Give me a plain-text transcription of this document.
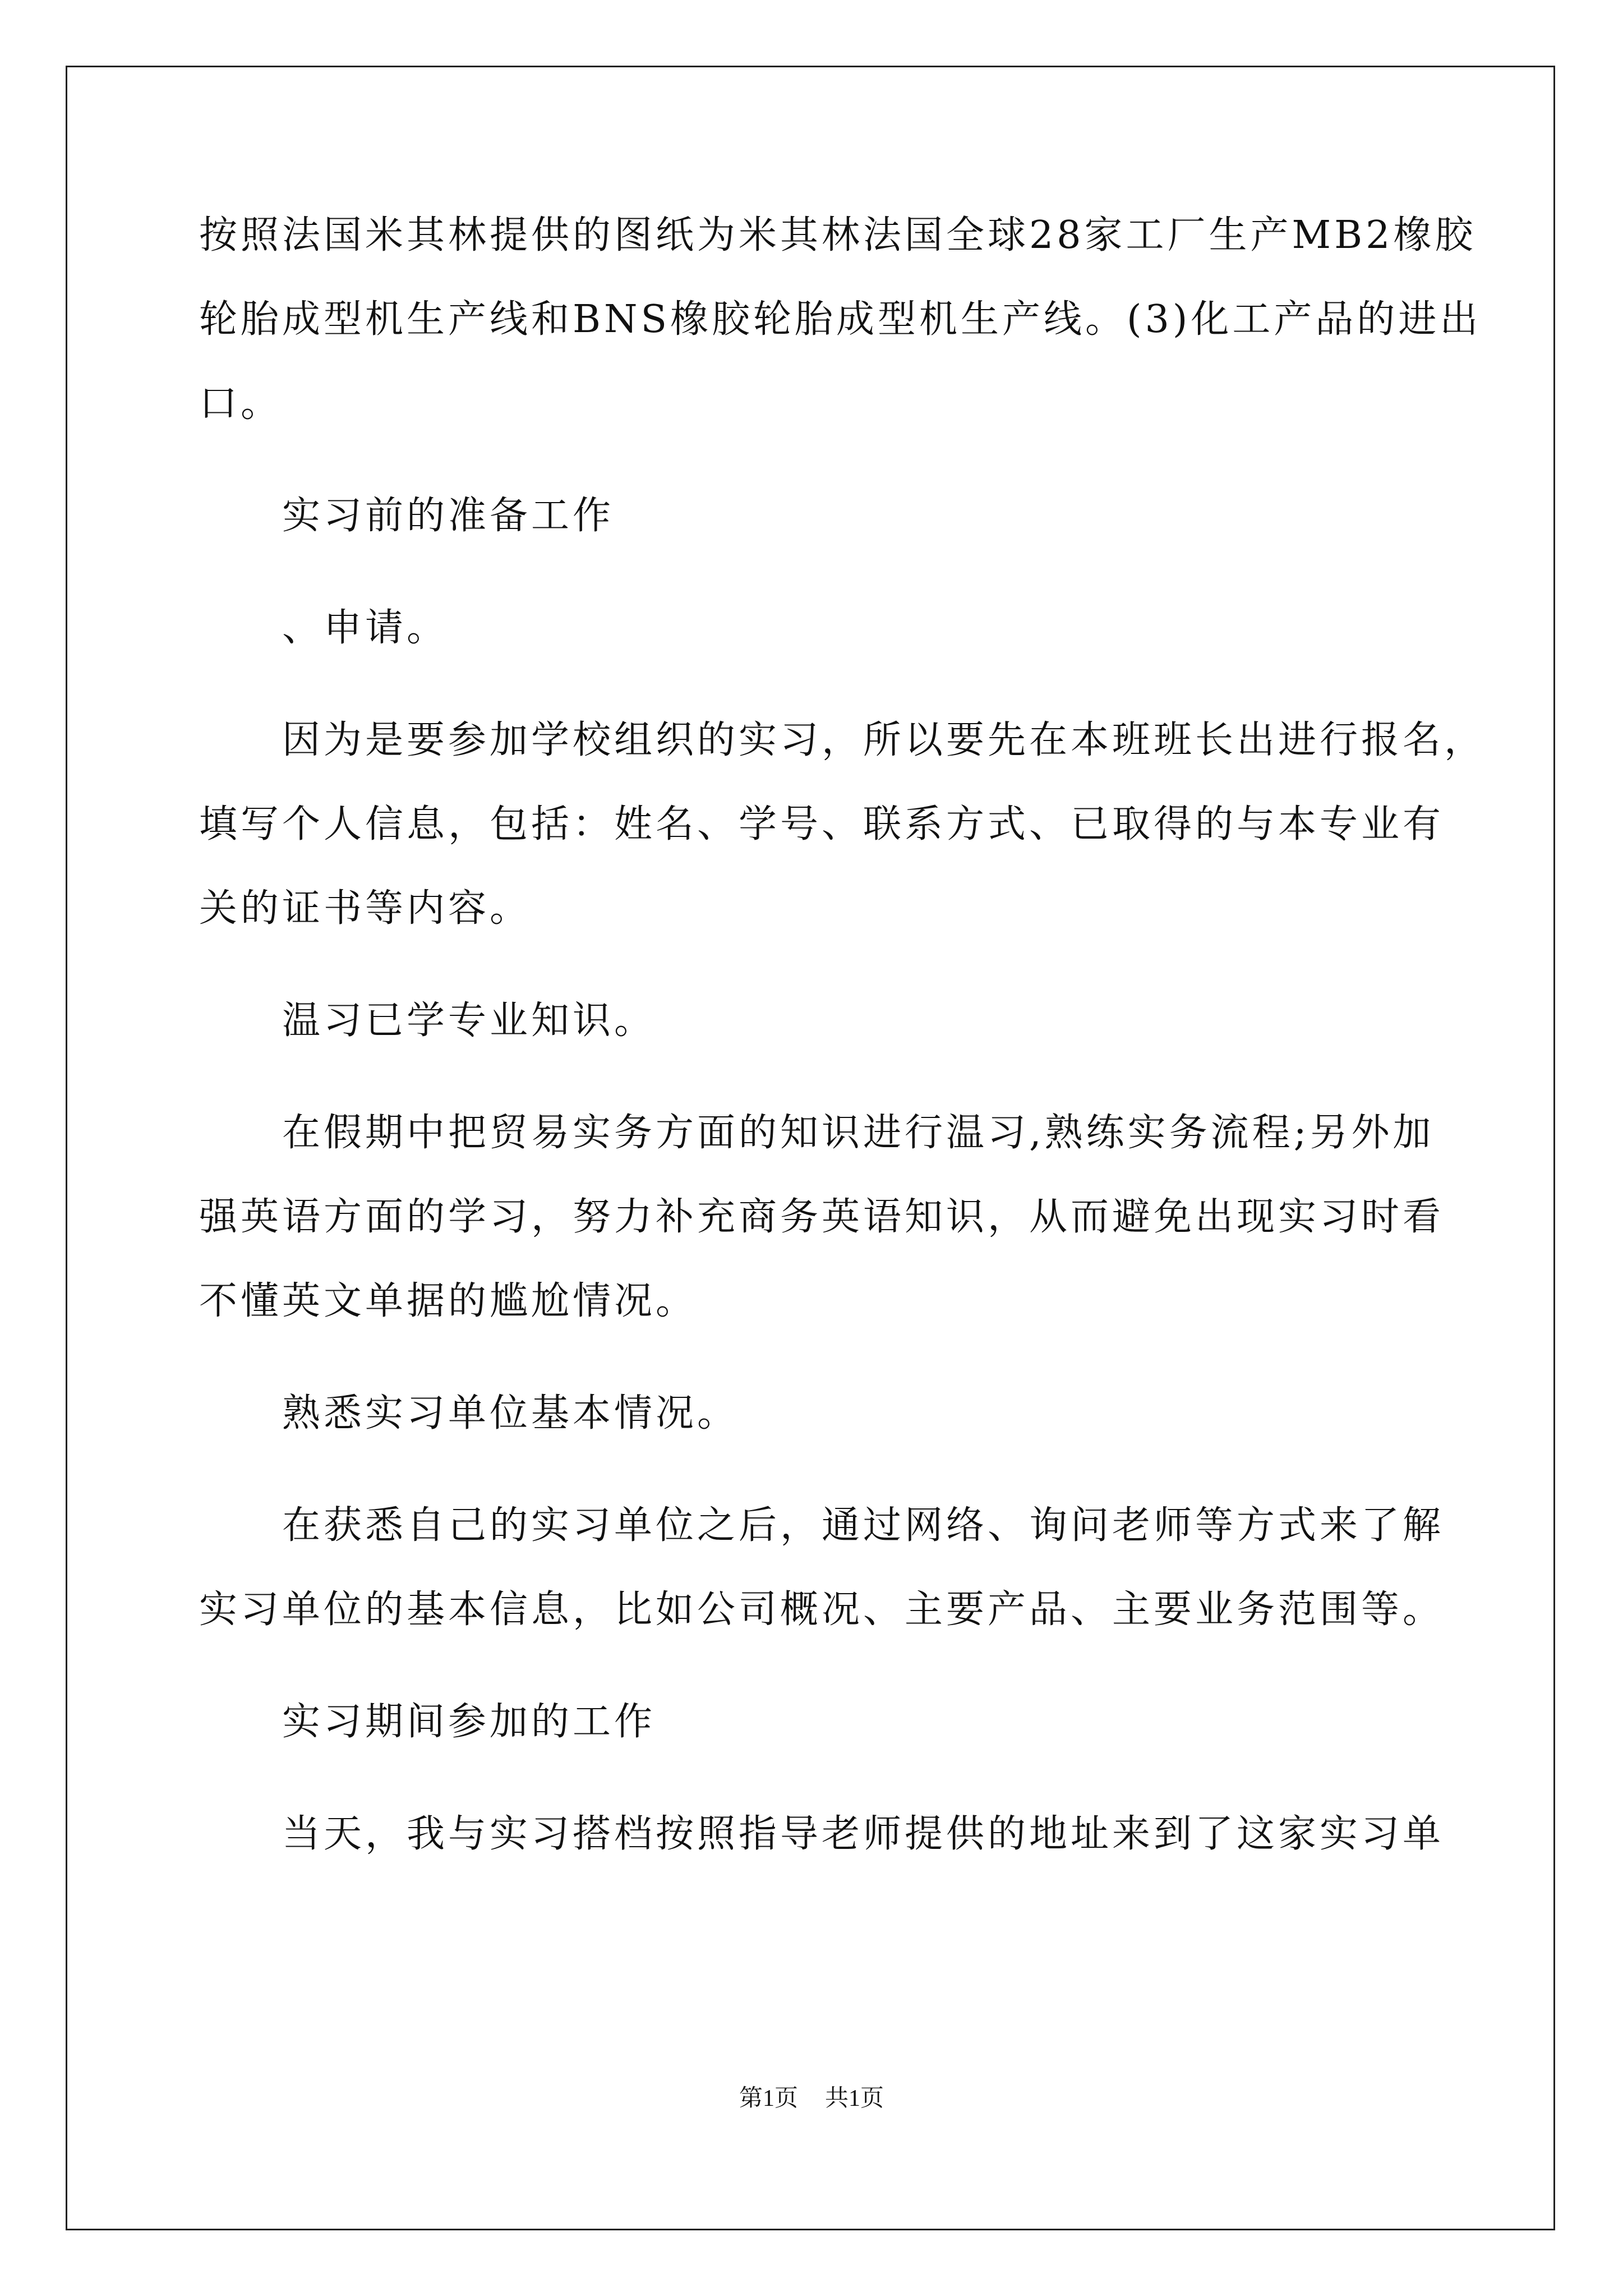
按照法国米其林提供的图纸为米其林法国全球28家工厂生产MB2橡胶
轮胎成型机生产线和BNS橡胶轮胎成型机生产线。(3)化工产品的进出
口。
实习前的准备工作
、申请。
因为是要参加学校组织的实习，所以要先在本班班长出进行报名，
填写个人信息，包括：姓名、学号、联系方式、已取得的与本专业有
关的证书等内容。
温习已学专业知识。
在假期中把贸易实务方面的知识进行温习,熟练实务流程;另外加
强英语方面的学习，努力补充商务英语知识，从而避免出现实习时看
不懂英文单据的尴尬情况。
熟悉实习单位基本情况。
在获悉自己的实习单位之后，通过网络、询问老师等方式来了解
实习单位的基本信息，比如公司概况、主要产品、主要业务范围等。
实习期间参加的工作
当天，我与实习搭档按照指导老师提供的地址来到了这家实习单
第1页 共1页
